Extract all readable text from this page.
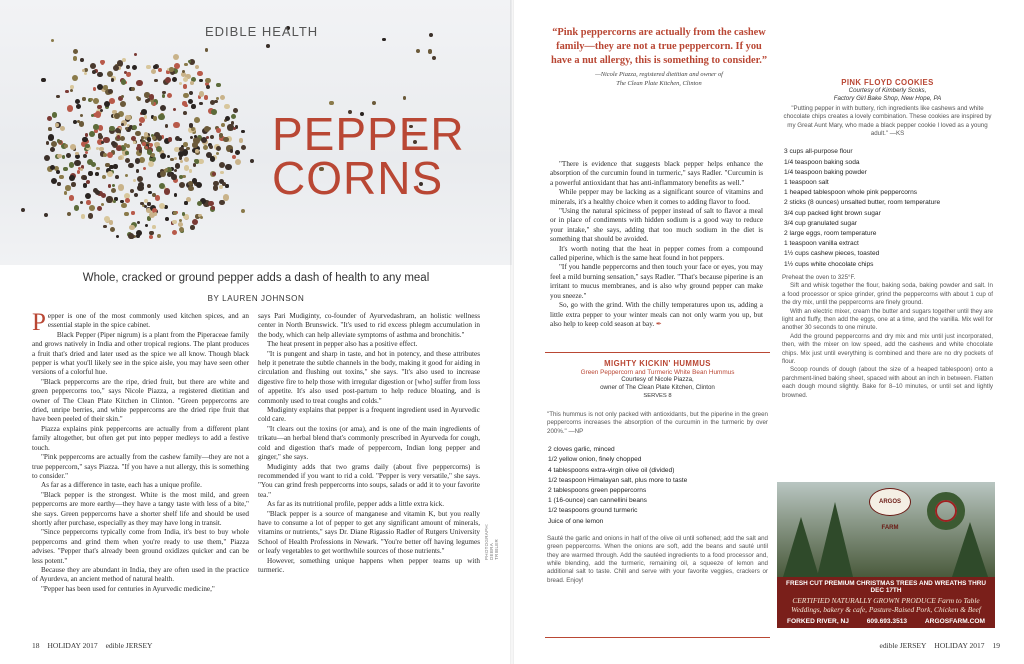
EDIBLE HEALTH
PEPPER
CORNS
Whole, cracked or ground pepper adds a dash of health to any meal
BY LAUREN JOHNSON

Pepper is one of the most commonly used kitchen spices, and an essential staple in the spice cabinet.

Black Pepper (Piper nigrum) is a plant from the Piperaceae family and grows natively in India and other tropical regions. The plant produces a fruit that's dried and later used as the spice we all know. Though black pepper is what you'll likely see in the spice aisle, you may have seen other versions of a colorful hue.

"Black peppercorns are the ripe, dried fruit, but there are white and green peppercorns too," says Nicole Piazza, a registered dietitian and owner of The Clean Plate Kitchen in Clinton. "Green peppercorns are dried, unripe berries, and white peppercorns are the dried ripe fruit that have been peeled of their skin."

Piazza explains pink peppercorns are actually from a different plant family altogether, but often get put into pepper medleys to add a festive touch.

"Pink peppercorns are actually from the cashew family—they are not a true peppercorn," says Piazza. "If you have a nut allergy, this is something to consider."

As far as a difference in taste, each has a unique profile.

"Black pepper is the strongest. White is the most mild, and green peppercorns are more earthy—they have a tangy taste with less of a bite," she says. Green peppercorns have a shorter shelf life and should be used shortly after purchase, especially as they may have long in transit.

"Since peppercorns typically come from India, it's best to buy whole peppercorns and grind them when you're ready to use them," Piazza advises. "Pepper that's already been ground oxidizes quicker and can be less potent."

Because they are abundant in India, they are often used in the practice of Ayurdeva, an ancient method of natural health.

"Pepper has been used for centuries in Ayurvedic medicine,"

says Pari Mudiginty, co-founder of Ayurvedashram, an holistic wellness center in North Brunswick. "It's used to rid excess phlegm accumulation in the body, which can help alleviate symptoms of asthma and bronchitis."

The heat present in pepper also has a positive effect.

"It is pungent and sharp in taste, and hot in potency, and these attributes help it penetrate the subtle channels in the body, making it good for aiding in circulation and flushing out toxins," she says. "It's also used to increase digestive fire to help those with irregular digestion or [who] suffer from loss of appetite. It's also used post-partum to help reduce bloating, and is commonly used to treat coughs and colds."

Mudiginty explains that pepper is a frequent ingredient used in Ayurvedic cold care.

"It clears out the toxins (or ama), and is one of the main ingredients of trikatu—an herbal blend that's commonly prescribed in Ayurveda for cough, cold and digestion that's made of peppercorn, Indian long pepper and ginger," she says.

Mudiginty adds that two grams daily (about five peppercorns) is recommended if you want to rid a cold. "Pepper is very versatile," she says. "You can grind fresh peppercorns into soups, salads or add it to your favorite tea."

As far as its nutritional profile, pepper adds a little extra kick.

"Black pepper is a source of manganese and vitamin K, but you really have to consume a lot of pepper to get any significant amount of minerals, vitamins or nutrients," says Dr. Diane Rigassio Radler of Rutgers University School of Health Professions in Newark. "You're better off having legumes or leafy vegetables to get worthwhile sources of those nutrients."

However, something unique happens when pepper teams up with turmeric.

PHOTOGRAPH: DEBRA TRIBLER
18 HOLIDAY 2017 edible JERSEY
“Pink peppercorns are actually from the cashew family—they are not a true peppercorn. If you have a nut allergy, this is something to consider.”
—Nicole Piazza, registered dietitian and owner of
The Clean Plate Kitchen, Clinton

"There is evidence that suggests black pepper helps enhance the absorption of the curcumin found in turmeric," says Radler. "Curcumin is a powerful antioxidant that has anti-inflammatory benefits as well."

While pepper may be lacking as a significant source of vitamins and minerals, it's a healthy choice when it comes to adding flavor to food.

"Using the natural spiciness of pepper instead of salt to flavor a meal or in place of condiments with hidden sodium is a good way to reduce your intake," she says, adding that too much sodium in the diet is something that should be avoided.

It's worth noting that the heat in pepper comes from a compound called piperine, which is the same heat found in hot peppers.

"If you handle peppercorns and then touch your face or eyes, you may feel a mild burning sensation," says Radler. "That's because piperine is an irritant to mucus membranes, and is also why ground pepper can make you sneeze."

So, go with the grind. With the chilly temperatures upon us, adding a little extra pepper to your winter meals can not only warm you up, but also help to keep cold season at bay. ✒

MIGHTY KICKIN' HUMMUS
Green Peppercorn and Turmeric White Bean Hummus
Courtesy of Nicole Piazza,
owner of The Clean Plate Kitchen, Clinton
SERVES 8
"This hummus is not only packed with antioxidants, but the piperine in the green peppercorns increases the absorption of the curcumin in the turmeric by over 200%." —NP
2 cloves garlic, minced
1/2 yellow onion, finely chopped
4 tablespoons extra-virgin olive oil (divided)
1/2 teaspoon Himalayan salt, plus more to taste
2 tablespoons green peppercorns
1 (16-ounce) can cannellini beans
1/2 teaspoons ground turmeric
Juice of one lemon
Sauté the garlic and onions in half of the olive oil until softened; add the salt and green peppercorns. When the onions are soft, add the beans and sauté until they are warmed through. Add the sautéed ingredients to a food processor and, while blending, add the turmeric, remaining oil, a squeeze of lemon and additional salt to taste. Chill and serve with your favorite veggies, crackers or bread. Enjoy!
PINK FLOYD COOKIES
Courtesy of Kimberly Scoks,
Factory Girl Bake Shop, New Hope, PA
"Putting pepper in with buttery, rich ingredients like cashews and white chocolate chips creates a lovely combination. These cookies are inspired by my Great Aunt Mary, who made a black pepper cookie I loved as a young adult." —KS
3 cups all-purpose flour
1/4 teaspoon baking soda
1/4 teaspoon baking powder
1 teaspoon salt
1 heaped tablespoon whole pink peppercorns
2 sticks (8 ounces) unsalted butter, room temperature
3/4 cup packed light brown sugar
3/4 cup granulated sugar
2 large eggs, room temperature
1 teaspoon vanilla extract
1½ cups cashew pieces, toasted
1½ cups white chocolate chips

Preheat the oven to 325°F.

Sift and whisk together the flour, baking soda, baking powder and salt. In a food processor or spice grinder, grind the peppercorns with about 1 cup of the dry mix, until the peppercorns are finely ground.

With an electric mixer, cream the butter and sugars together until they are light and fluffy, then add the eggs, one at a time, and the vanilla. Mix well for another 30 seconds to one minute.

Add the ground peppercorns and dry mix and mix until just incorporated, then, with the mixer on low speed, add the cashews and white chocolate chips. Mix just until everything is combined and there are no dry pockets of flour.

Scoop rounds of dough (about the size of a heaped tablespoon) onto a parchment-lined baking sheet, spaced with about an inch in between. Flatten each dough mound slightly. Bake for 8–10 minutes, or until set and lightly browned.

ARGOS FARM
FRESH CUT PREMIUM CHRISTMAS TREES AND WREATHS THRU DEC 17TH
CERTIFIED NATURALLY GROWN PRODUCE Farm to Table Weddings, bakery & cafe, Pasture-Raised Pork, Chicken & Beef
FORKED RIVER, NJ	609.693.3513	ARGOSFARM.COM
edible JERSEY HOLIDAY 2017 19
